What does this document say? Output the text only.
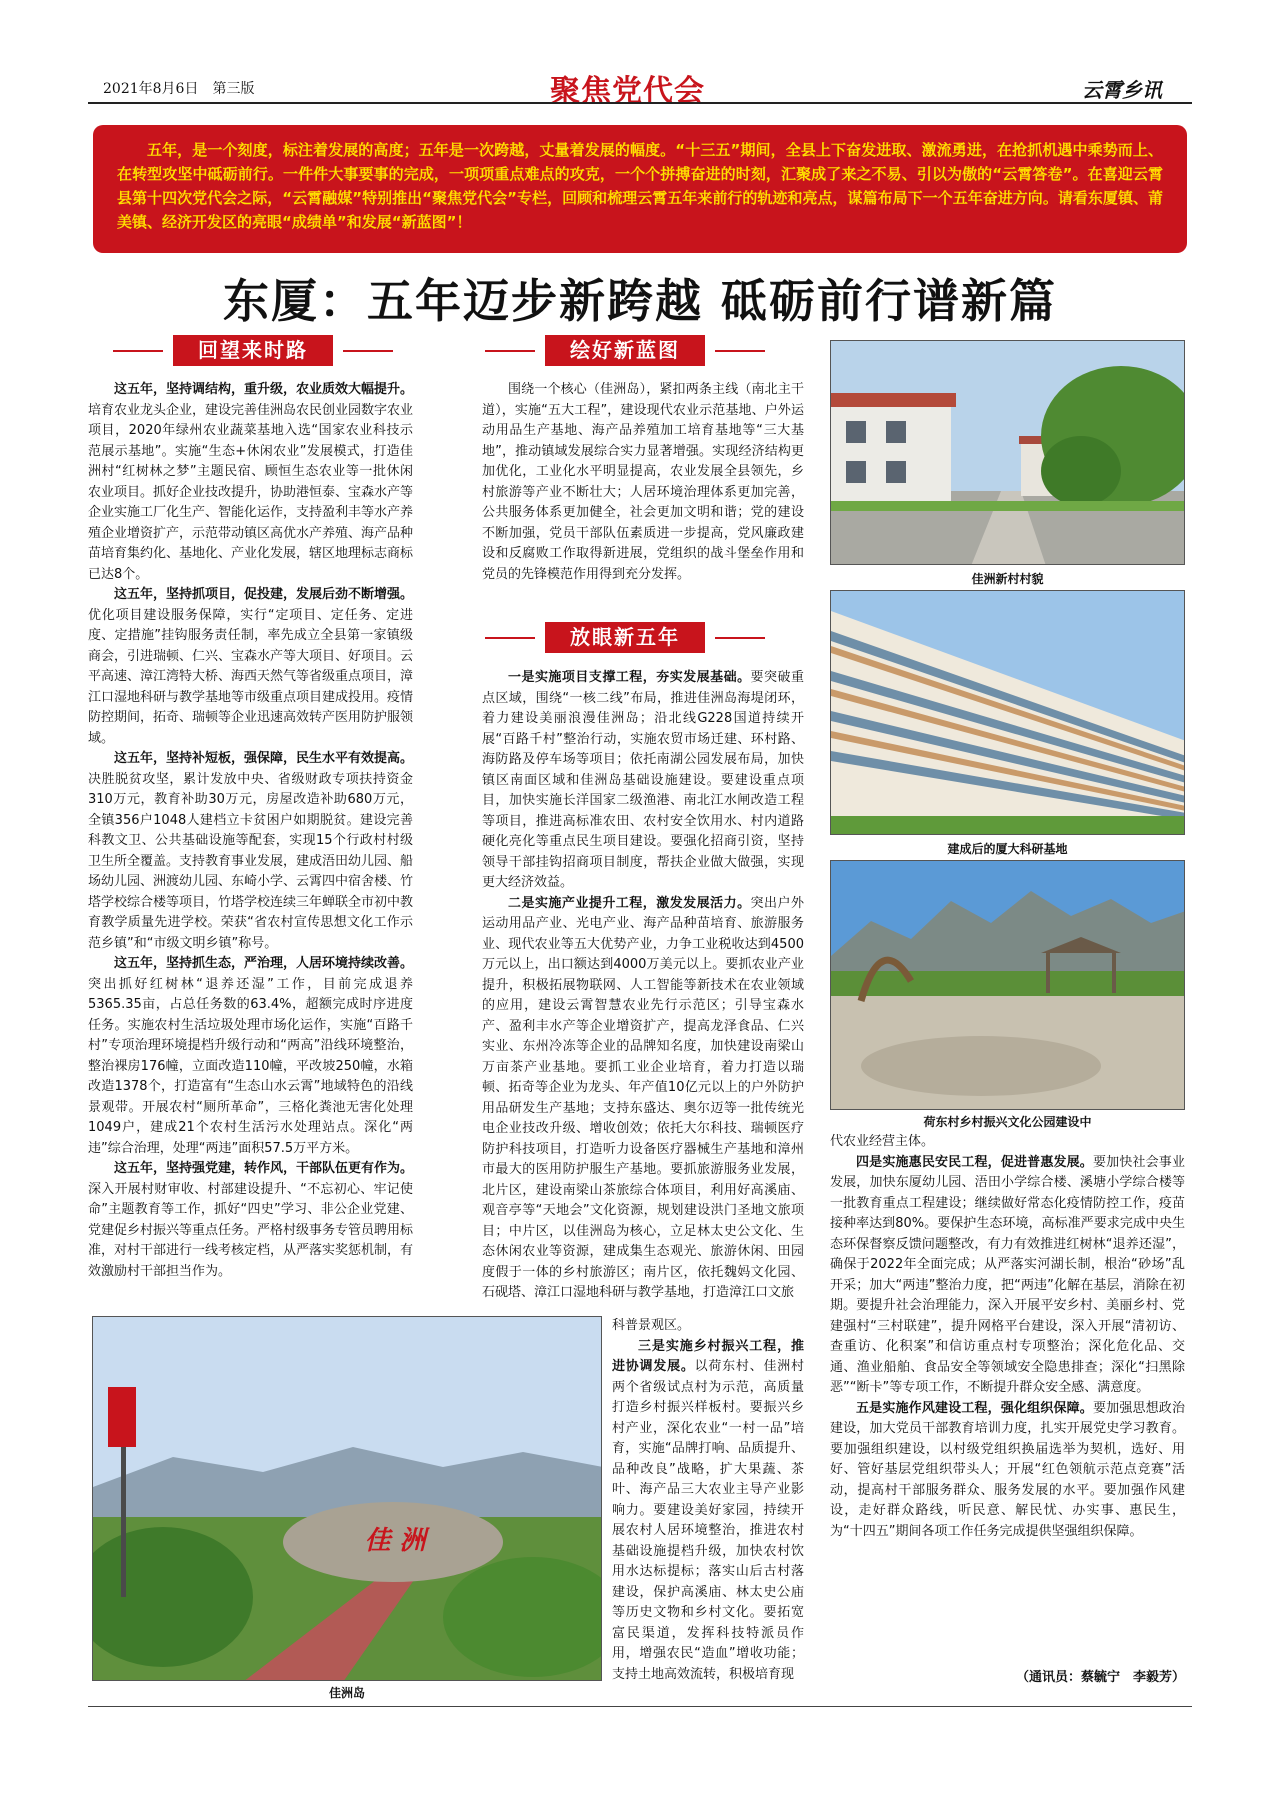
2021年8月6日　第三版	聚焦党代会	云霄乡讯
五年，是一个刻度，标注着发展的高度；五年是一次跨越，丈量着发展的幅度。“十三五”期间，全县上下奋发进取、激流勇进，在抢抓机遇中乘势而上、在转型攻坚中砥砺前行。一件件大事要事的完成，一项项重点难点的攻克，一个个拼搏奋进的时刻，汇聚成了来之不易、引以为傲的“云霄答卷”。在喜迎云霄县第十四次党代会之际，“云霄融媒”特别推出“聚焦党代会”专栏，回顾和梳理云霄五年来前行的轨迹和亮点，谋篇布局下一个五年奋进方向。请看东厦镇、莆美镇、经济开发区的亮眼“成绩单”和发展“新蓝图”！
东厦：五年迈步新跨越 砥砺前行谱新篇
回望来时路	绘好新蓝图
放眼新五年

这五年，坚持调结构，重升级，农业质效大幅提升。培育农业龙头企业，建设完善佳洲岛农民创业园数字农业项目，2020年绿州农业蔬菜基地入选“国家农业科技示范展示基地”。实施“生态+休闲农业”发展模式，打造佳洲村“红树林之梦”主题民宿、顾恒生态农业等一批休闲农业项目。抓好企业技改提升，协助港恒泰、宝森水产等企业实施工厂化生产、智能化运作，支持盈利丰等水产养殖企业增资扩产，示范带动镇区高优水产养殖、海产品种苗培育集约化、基地化、产业化发展，辖区地理标志商标已达8个。

这五年，坚持抓项目，促投建，发展后劲不断增强。优化项目建设服务保障，实行“定项目、定任务、定进度、定措施”挂钩服务责任制，率先成立全县第一家镇级商会，引进瑞顿、仁兴、宝森水产等大项目、好项目。云平高速、漳江湾特大桥、海西天然气等省级重点项目，漳江口湿地科研与教学基地等市级重点项目建成投用。疫情防控期间，拓奇、瑞顿等企业迅速高效转产医用防护服领域。

这五年，坚持补短板，强保障，民生水平有效提高。决胜脱贫攻坚，累计发放中央、省级财政专项扶持资金310万元，教育补助30万元，房屋改造补助680万元，全镇356户1048人建档立卡贫困户如期脱贫。建设完善科教文卫、公共基础设施等配套，实现15个行政村村级卫生所全覆盖。支持教育事业发展，建成浯田幼儿园、船场幼儿园、洲渡幼儿园、东崎小学、云霄四中宿舍楼、竹塔学校综合楼等项目，竹塔学校连续三年蝉联全市初中教育教学质量先进学校。荣获“省农村宣传思想文化工作示范乡镇”和“市级文明乡镇”称号。

这五年，坚持抓生态，严治理，人居环境持续改善。突出抓好红树林“退养还湿”工作，目前完成退养5365.35亩，占总任务数的63.4%，超额完成时序进度任务。实施农村生活垃圾处理市场化运作，实施“百路千村”专项治理环境提档升级行动和“两高”沿线环境整治，整治裸房176幢，立面改造110幢，平改坡250幢，水箱改造1378个，打造富有“生态山水云霄”地域特色的沿线景观带。开展农村“厕所革命”，三格化粪池无害化处理1049户，建成21个农村生活污水处理站点。深化“两违”综合治理，处理“两违”面积57.5万平方米。

这五年，坚持强党建，转作风，干部队伍更有作为。深入开展村财审收、村部建设提升、“不忘初心、牢记使命”主题教育等工作，抓好“四史”学习、非公企业党建、党建促乡村振兴等重点任务。严格村级事务专管员聘用标准，对村干部进行一线考核定档，从严落实奖惩机制，有效激励村干部担当作为。

围绕一个核心（佳洲岛），紧扣两条主线（南北主干道），实施“五大工程”，建设现代农业示范基地、户外运动用品生产基地、海产品养殖加工培育基地等“三大基地”，推动镇域发展综合实力显著增强。实现经济结构更加优化，工业化水平明显提高，农业发展全县领先，乡村旅游等产业不断壮大；人居环境治理体系更加完善，公共服务体系更加健全，社会更加文明和谐；党的建设不断加强，党员干部队伍素质进一步提高，党风廉政建设和反腐败工作取得新进展，党组织的战斗堡垒作用和党员的先锋模范作用得到充分发挥。

一是实施项目支撑工程，夯实发展基础。要突破重点区域，围绕“一核二线”布局，推进佳洲岛海堤闭环，着力建设美丽浪漫佳洲岛；沿北线G228国道持续开展“百路千村”整治行动，实施农贸市场迁建、环村路、海防路及停车场等项目；依托南湖公园发展布局，加快镇区南面区域和佳洲岛基础设施建设。要建设重点项目，加快实施长洋国家二级渔港、南北江水闸改造工程等项目，推进高标准农田、农村安全饮用水、村内道路硬化亮化等重点民生项目建设。要强化招商引资，坚持领导干部挂钩招商项目制度，帮扶企业做大做强，实现更大经济效益。

二是实施产业提升工程，激发发展活力。突出户外运动用品产业、光电产业、海产品种苗培育、旅游服务业、现代农业等五大优势产业，力争工业税收达到4500万元以上，出口额达到4000万美元以上。要抓农业产业提升，积极拓展物联网、人工智能等新技术在农业领域的应用，建设云霄智慧农业先行示范区；引导宝森水产、盈利丰水产等企业增资扩产，提高龙泽食品、仁兴实业、东州冷冻等企业的品牌知名度，加快建设南梁山万亩茶产业基地。要抓工业企业培育，着力打造以瑞顿、拓奇等企业为龙头、年产值10亿元以上的户外防护用品研发生产基地；支持东盛达、奥尔迈等一批传统光电企业技改升级、增收创效；依托大尔科技、瑞顿医疗防护科技项目，打造听力设备医疗器械生产基地和漳州市最大的医用防护服生产基地。要抓旅游服务业发展，北片区，建设南梁山茶旅综合体项目，利用好高溪庙、观音亭等“天地会”文化资源，规划建设洪门圣地文旅项目；中片区，以佳洲岛为核心，立足林太史公文化、生态休闲农业等资源，建成集生态观光、旅游休闲、田园度假于一体的乡村旅游区；南片区，依托魏妈文化园、石砚塔、漳江口湿地科研与教学基地，打造漳江口文旅

科普景观区。

三是实施乡村振兴工程，推进协调发展。以荷东村、佳洲村两个省级试点村为示范，高质量打造乡村振兴样板村。要振兴乡村产业，深化农业“一村一品”培育，实施“品牌打响、品质提升、品种改良”战略，扩大果蔬、茶叶、海产品三大农业主导产业影响力。要建设美好家园，持续开展农村人居环境整治，推进农村基础设施提档升级，加快农村饮用水达标提标；落实山后古村落建设，保护高溪庙、林太史公庙等历史文物和乡村文化。要拓宽富民渠道，发挥科技特派员作用，增强农民“造血”增收功能；支持土地高效流转，积极培育现

代农业经营主体。

四是实施惠民安民工程，促进普惠发展。要加快社会事业发展，加快东厦幼儿园、浯田小学综合楼、溪塘小学综合楼等一批教育重点工程建设；继续做好常态化疫情防控工作，疫苗接种率达到80%。要保护生态环境，高标准严要求完成中央生态环保督察反馈问题整改，有力有效推进红树林“退养还湿”，确保于2022年全面完成；从严落实河湖长制，根治“砂场”乱开采；加大“两违”整治力度，把“两违”化解在基层，消除在初期。要提升社会治理能力，深入开展平安乡村、美丽乡村、党建强村“三村联建”，提升网格平台建设，深入开展“清初访、查重访、化积案”和信访重点村专项整治；深化危化品、交通、渔业船舶、食品安全等领域安全隐患排查；深化“扫黑除恶”“断卡”等专项工作，不断提升群众安全感、满意度。

五是实施作风建设工程，强化组织保障。要加强思想政治建设，加大党员干部教育培训力度，扎实开展党史学习教育。要加强组织建设，以村级党组织换届选举为契机，选好、用好、管好基层党组织带头人；开展“红色领航示范点竞赛”活动，提高村干部服务群众、服务发展的水平。要加强作风建设，走好群众路线，听民意、解民忧、办实事、惠民生，为“十四五”期间各项工作任务完成提供坚强组织保障。

（通讯员：蔡毓宁　李毅芳）
佳洲新村村貌
建成后的厦大科研基地
荷东村乡村振兴文化公园建设中
佳 洲
佳洲岛
